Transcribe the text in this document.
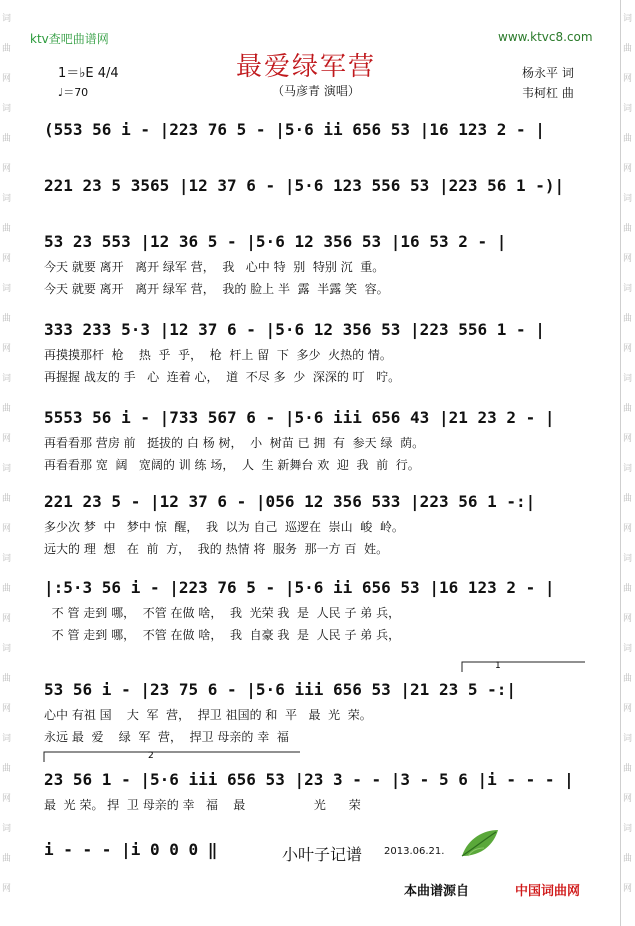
词
曲
网
词
曲
网
词
曲
网
词
曲
网
词
曲
网
词
曲
网
词
曲
网
词
曲
网
词
曲
网
词
曲
网
词
曲
网
词
曲
网
词
曲
网
词
曲
网
词
曲
网
词
曲
网
词
曲
网
词
曲
网
词
曲
网
词
曲
网
ktv查吧曲谱网	www.ktvc8.com
最爱绿军营
（马彦青 演唱）
1＝♭E 4/4
♩＝70
杨永平 词
韦柯杠 曲
(553 56 i - |223 76 5 - |5·6 ii 656 53 |16 123 2 - |
221 23 5 3565 |12 37 6 - |5·6 123 556 53 |223 56 1 -)|
53 23 553 |12 36 5 - |5·6 12 356 53 |16 53 2 - |
今天 就要 离开   离开 绿军 营，  我   心中 特  别  特别 沉  重。
今天 就要 离开   离开 绿军 营，  我的 脸上 半  露  半露 笑  容。
333 233 5·3 |12 37 6 - |5·6 12 356 53 |223 556 1 - |
再摸摸那杆  枪    热  乎  乎，  枪  杆上 留  下  多少  火热的 情。
再握握 战友的 手   心  连着 心，  道  不尽 多  少  深深的 叮   咛。
5553 56 i - |733 567 6 - |5·6 iii 656 43 |21 23 2 - |
再看看那 营房 前   挺拔的 白 杨 树，  小  树苗 已 拥  有  参天 绿  荫。
再看看那 宽  阔   宽阔的 训 练 场，  人  生 新舞台 欢  迎  我  前  行。
221 23 5 - |12 37 6 - |056 12 356 533 |223 56 1 -:|
多少次 梦  中   梦中 惊  醒，  我  以为 自己  巡逻在  崇山  峻  岭。
远大的 理  想   在  前  方，  我的 热情 将  服务  那一方 百  姓。
|:5·3 56 i - |223 76 5 - |5·6 ii 656 53 |16 123 2 - |
不 管 走到 哪，  不管 在做 啥，  我  光荣 我  是  人民 子 弟 兵，
不 管 走到 哪，  不管 在做 啥，  我  自豪 我  是  人民 子 弟 兵，
53 56 i - |23 75 6 - |5·6 iii 656 53 |21 23 5 -:|
心中 有祖 国    大  军  营，  捍卫 祖国的 和  平   最  光  荣。
永远 最  爱    绿  军  营，  捍卫 母亲的 幸  福
23 56 1 - |5·6 iii 656 53 |23 3 - - |3 - 5 6 |i - - - |
最  光 荣。 捍  卫 母亲的 幸   福    最                  光      荣
i - - - |i 0 0 0 ‖
1
2
小叶子记谱 2013.06.21.
本曲谱源自	中国词曲网
